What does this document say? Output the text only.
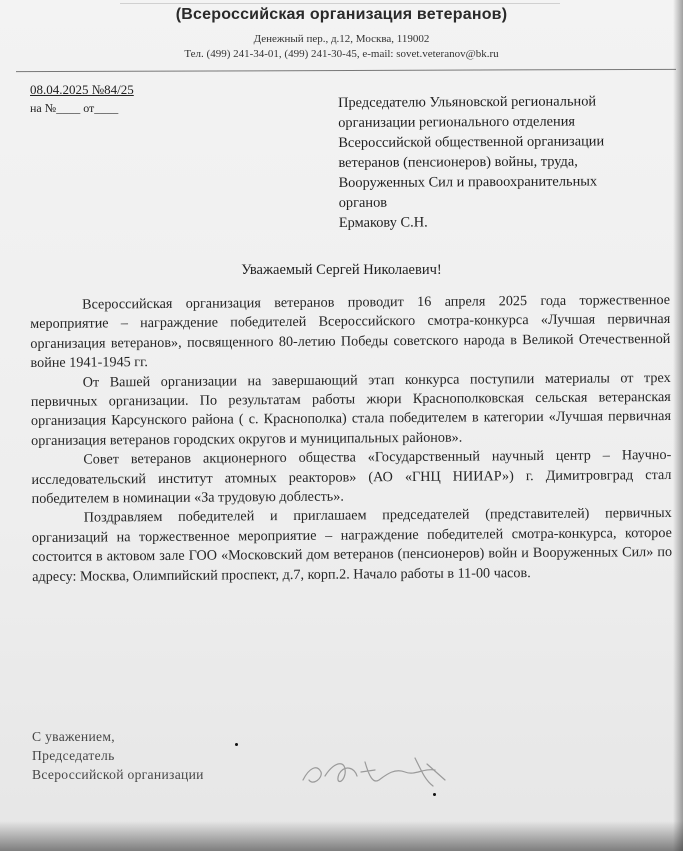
(Всероссийская организация ветеранов)
Денежный пер., д.12, Москва, 119002
Тел. (499) 241-34-01, (499) 241-30-45, e-mail: sovet.veteranov@bk.ru
08.04.2025 №84/25
на №____ от____	Председателю Ульяновской региональной
организации регионального отделения
Всероссийской общественной организации
ветеранов (пенсионеров) войны, труда,
Вооруженных Сил и правоохранительных
органов
Ермакову С.Н.
Уважаемый Сергей Николаевич!

Всероссийская организация ветеранов проводит 16 апреля 2025 года торжественное мероприятие – награждение победителей Всероссийского смотра-конкурса «Лучшая первичная организация ветеранов», посвященного 80-летию Победы советского народа в Великой Отечественной войне 1941-1945 гг.

От Вашей организации на завершающий этап конкурса поступили материалы от трех первичных организации. По результатам работы жюри Краснополковская сельская ветеранская организация Карсунского района ( с. Краснополка) стала победителем в категории «Лучшая первичная организация ветеранов городских округов и муниципальных районов».

Совет ветеранов акционерного общества «Государственный научный центр – Научно-исследовательский институт атомных реакторов» (АО «ГНЦ НИИАР») г. Димитровград стал победителем в номинации «За трудовую доблесть».

Поздравляем победителей и приглашаем председателей (представителей) первичных организаций на торжественное мероприятие – награждение победителей смотра-конкурса, которое состоится в актовом зале ГОО «Московский дом ветеранов (пенсионеров) войн и Вооруженных Сил» по адресу: Москва, Олимпийский проспект, д.7, корп.2. Начало работы в 11-00 часов.

С уважением,
Председатель
Всероссийской организации
